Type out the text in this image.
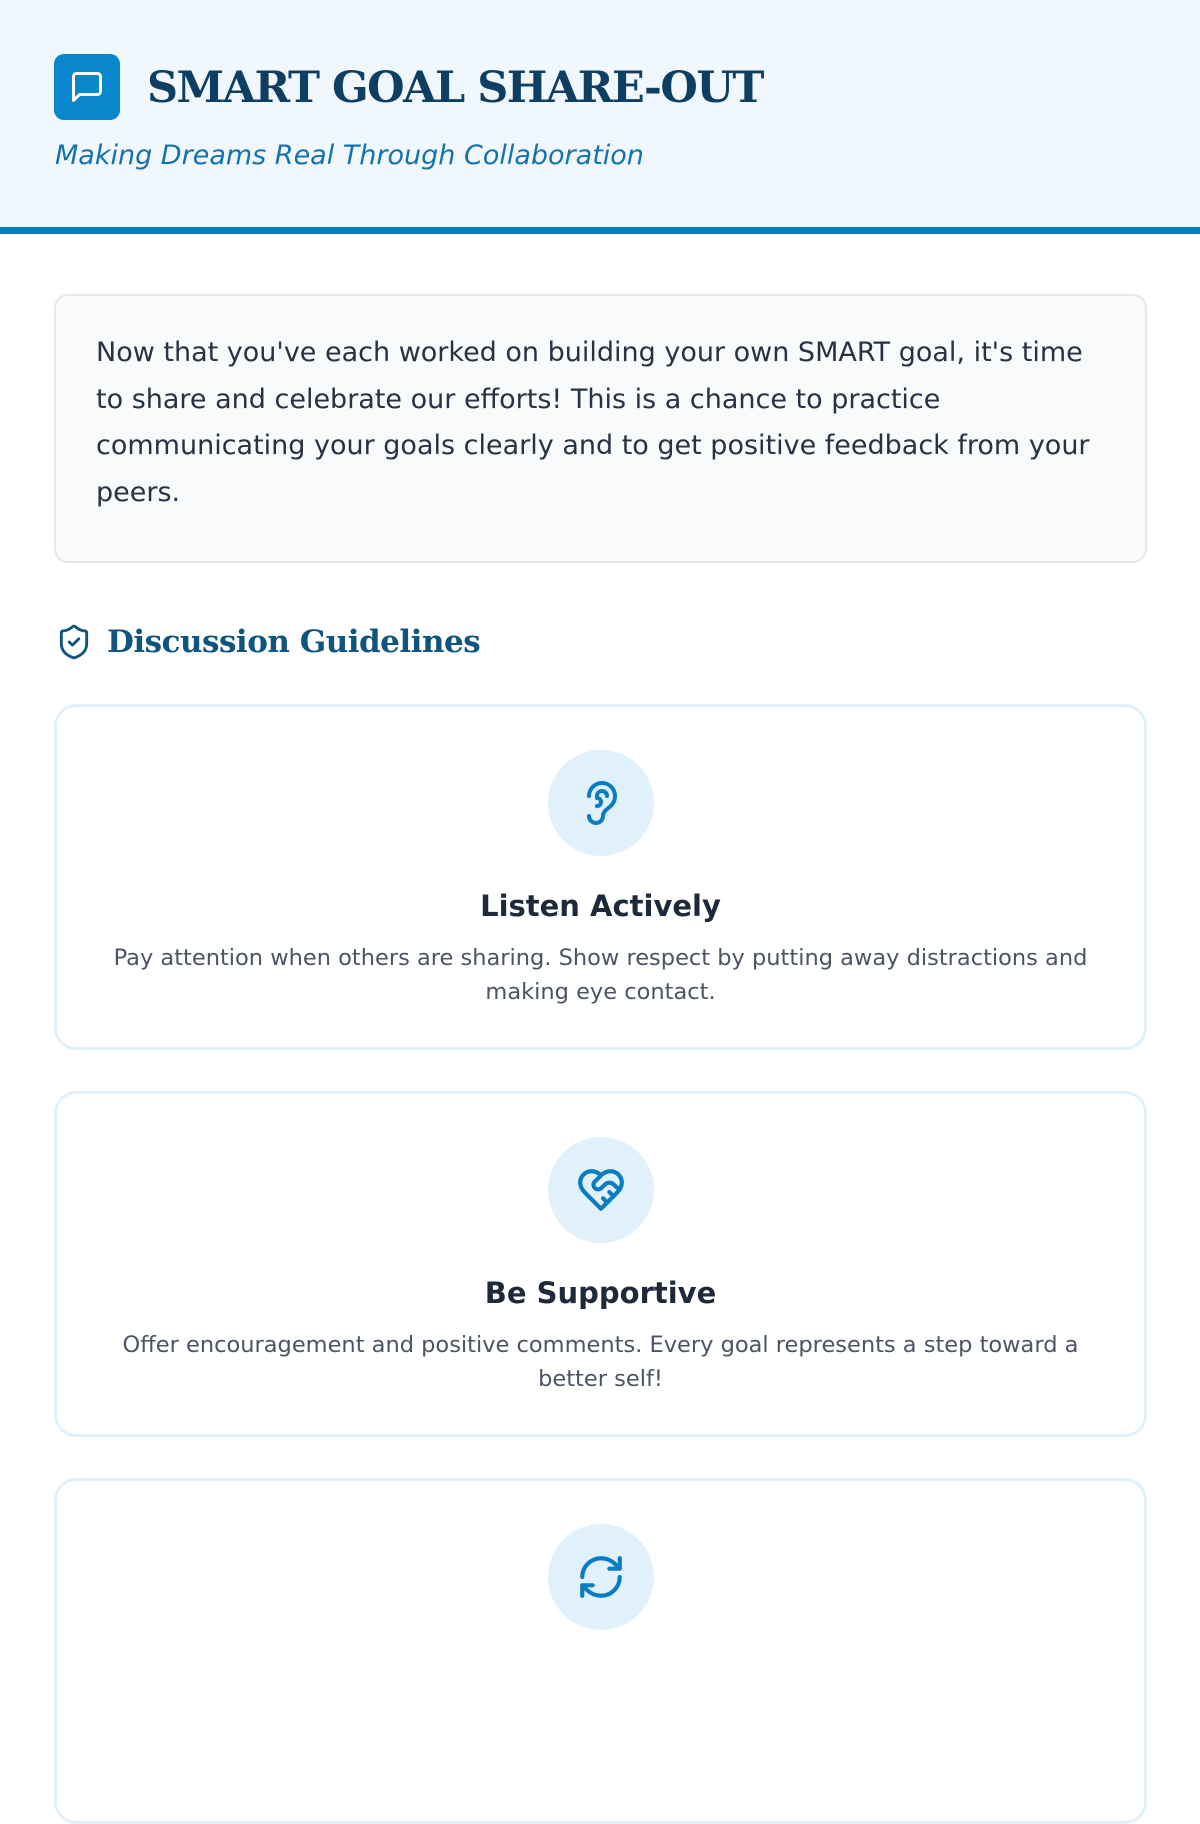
SMART GOAL SHARE-OUT

Making Dreams Real Through Collaboration

Now that you've each worked on building your own SMART goal, it's time to share and celebrate our efforts! This is a chance to practice communicating your goals clearly and to get positive feedback from your peers.

Discussion Guidelines
Listen Actively

Pay attention when others are sharing. Show respect by putting away distractions and making eye contact.

Be Supportive

Offer encouragement and positive comments. Every goal represents a step toward a better self!
